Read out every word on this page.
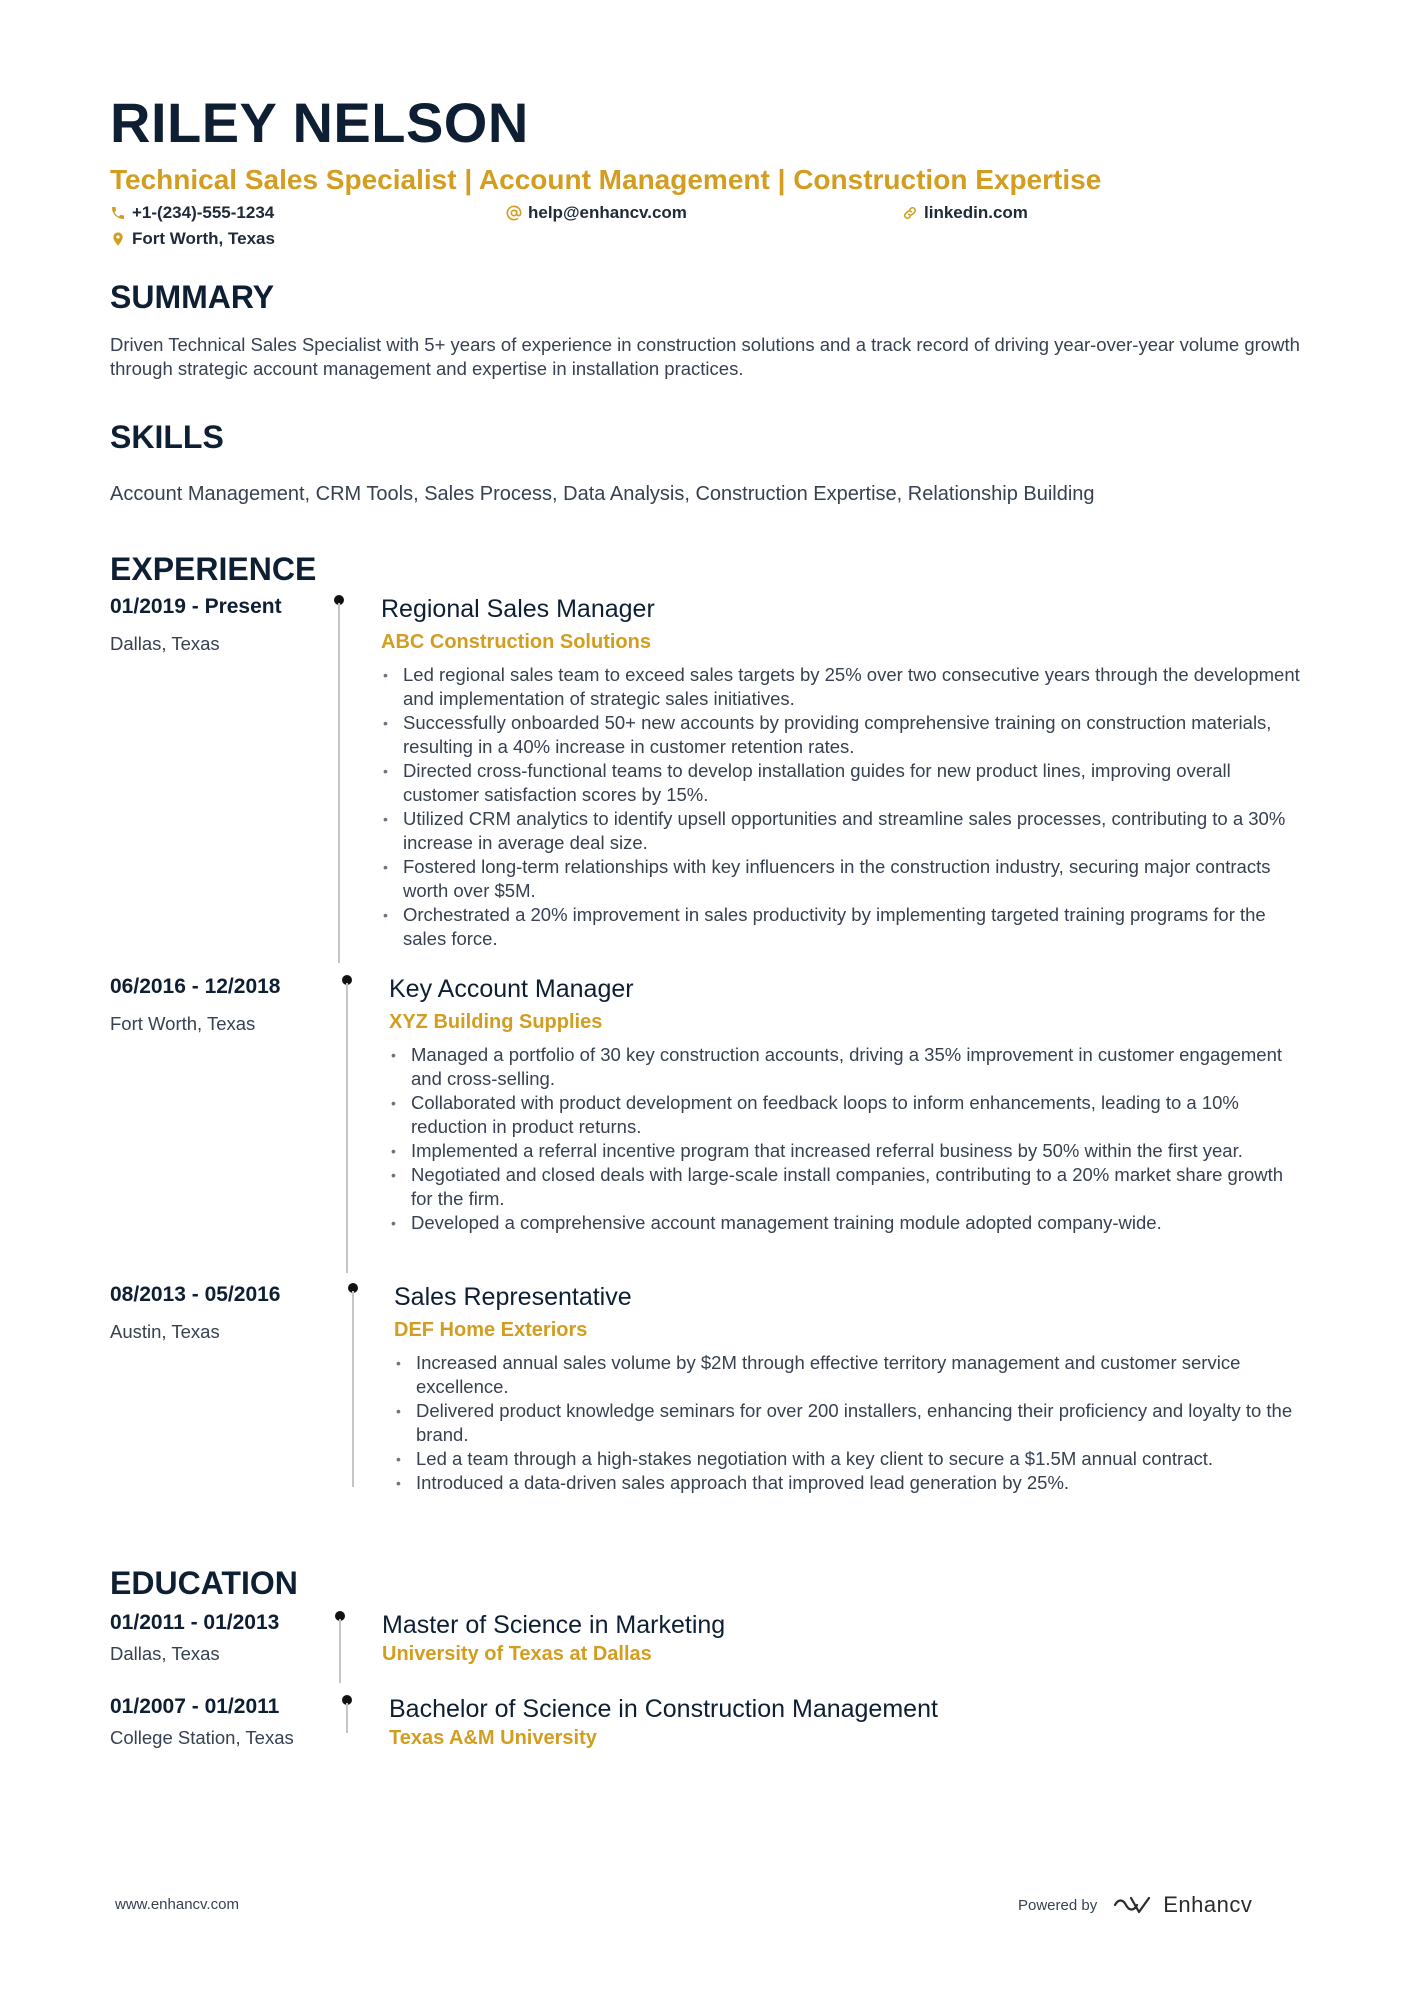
RILEY NELSON
Technical Sales Specialist | Account Management | Construction Expertise
+1-(234)-555-1234	help@enhancv.com	linkedin.com
Fort Worth, Texas
SUMMARY

Driven Technical Sales Specialist with 5+ years of experience in construction solutions and a track record of driving year-over-year volume growth through strategic account management and expertise in installation practices.

SKILLS

Account Management, CRM Tools, Sales Process, Data Analysis, Construction Expertise, Relationship Building

EXPERIENCE
01/2019 - Present
Dallas, Texas
Regional Sales Manager
ABC Construction Solutions
• Led regional sales team to exceed sales targets by 25% over two consecutive years through the development and implementation of strategic sales initiatives.
• Successfully onboarded 50+ new accounts by providing comprehensive training on construction materials, resulting in a 40% increase in customer retention rates.
• Directed cross-functional teams to develop installation guides for new product lines, improving overall customer satisfaction scores by 15%.
• Utilized CRM analytics to identify upsell opportunities and streamline sales processes, contributing to a 30% increase in average deal size.
• Fostered long-term relationships with key influencers in the construction industry, securing major contracts worth over $5M.
• Orchestrated a 20% improvement in sales productivity by implementing targeted training programs for the sales force.
06/2016 - 12/2018
Fort Worth, Texas
Key Account Manager
XYZ Building Supplies
• Managed a portfolio of 30 key construction accounts, driving a 35% improvement in customer engagement and cross-selling.
• Collaborated with product development on feedback loops to inform enhancements, leading to a 10% reduction in product returns.
• Implemented a referral incentive program that increased referral business by 50% within the first year.
• Negotiated and closed deals with large-scale install companies, contributing to a 20% market share growth for the firm.
• Developed a comprehensive account management training module adopted company-wide.
08/2013 - 05/2016
Austin, Texas
Sales Representative
DEF Home Exteriors
• Increased annual sales volume by $2M through effective territory management and customer service excellence.
• Delivered product knowledge seminars for over 200 installers, enhancing their proficiency and loyalty to the brand.
• Led a team through a high-stakes negotiation with a key client to secure a $1.5M annual contract.
• Introduced a data-driven sales approach that improved lead generation by 25%.
EDUCATION
01/2011 - 01/2013
Dallas, Texas
Master of Science in Marketing
University of Texas at Dallas
01/2007 - 01/2011
College Station, Texas
Bachelor of Science in Construction Management
Texas A&M University
www.enhancv.com	Powered by	Enhancv
